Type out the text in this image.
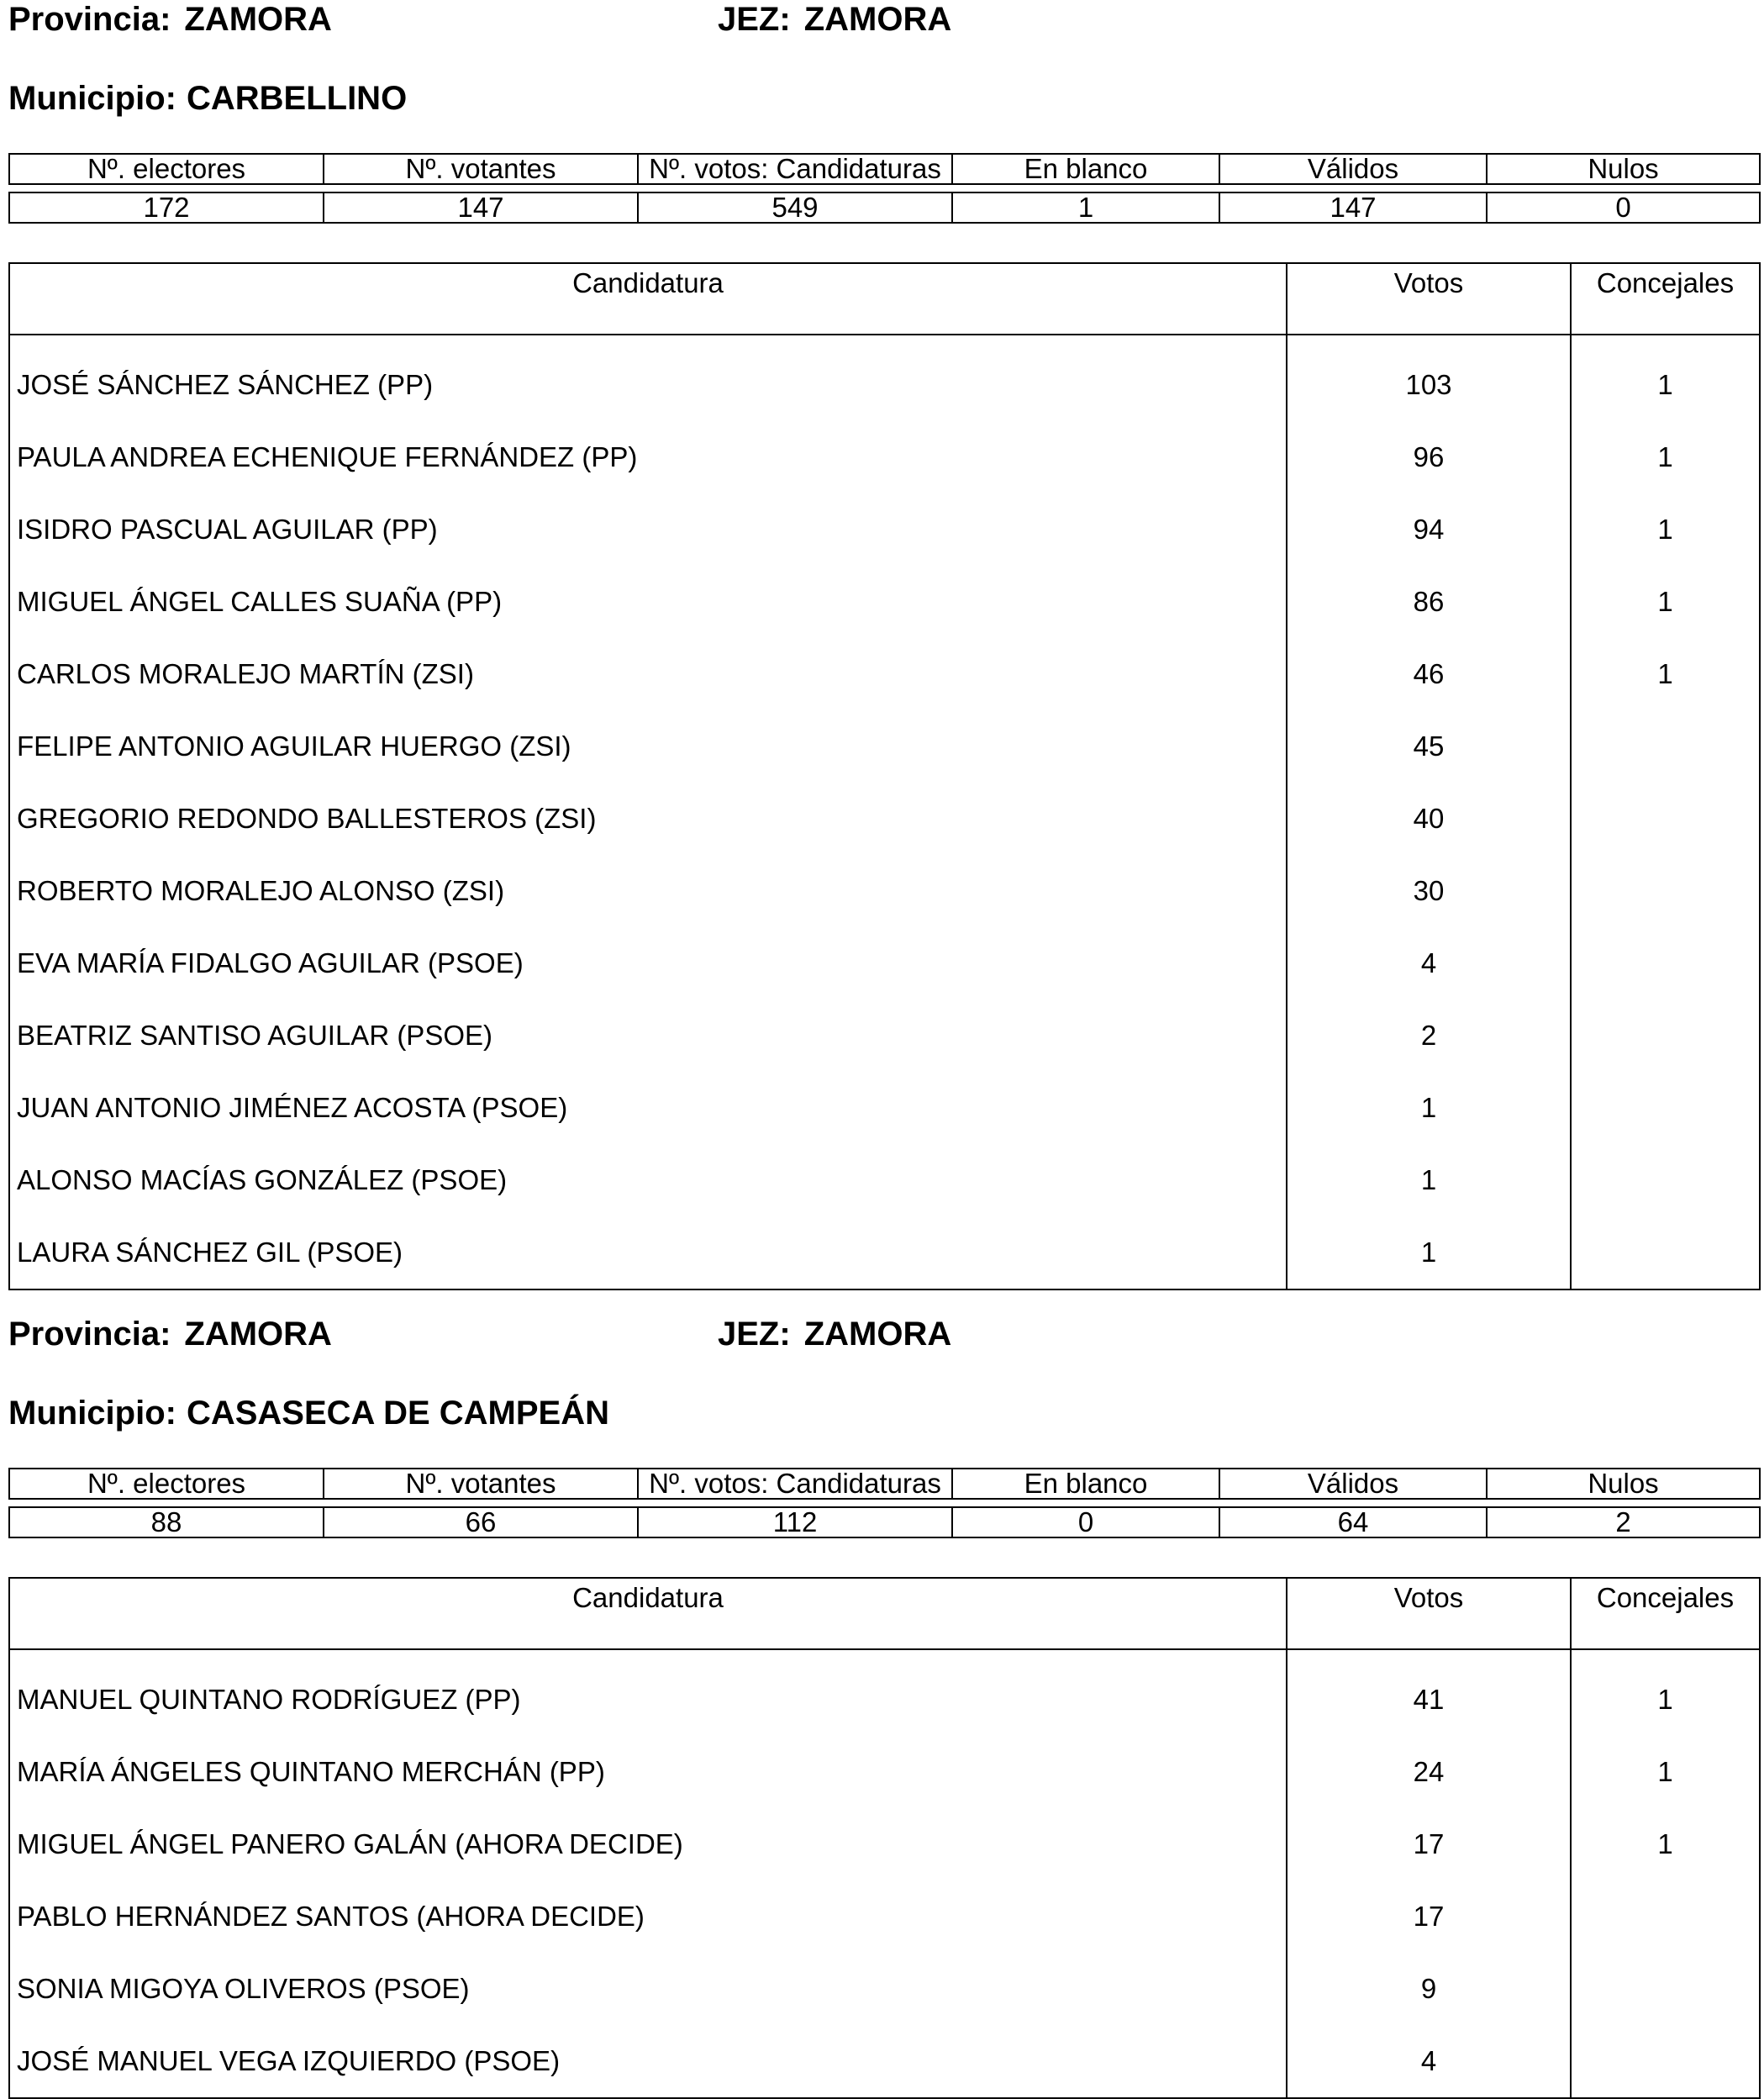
Provincia: ZAMORA	JEZ: ZAMORA
Municipio: CARBELLINO
Nº. electores	Nº. votantes	Nº. votos: Candidaturas	En blanco	Válidos	Nulos

172	147	549	1	147	0
Candidatura	Votos	Concejales

JOSÉ SÁNCHEZ SÁNCHEZ (PP)	103	1
PAULA ANDREA ECHENIQUE FERNÁNDEZ (PP)	96	1
ISIDRO PASCUAL AGUILAR (PP)	94	1
MIGUEL ÁNGEL CALLES SUAÑA (PP)	86	1
CARLOS MORALEJO MARTÍN (ZSI)	46	1
FELIPE ANTONIO AGUILAR HUERGO (ZSI)	45	
GREGORIO REDONDO BALLESTEROS (ZSI)	40	
ROBERTO MORALEJO ALONSO (ZSI)	30	
EVA MARÍA FIDALGO AGUILAR (PSOE)	4	
BEATRIZ SANTISO AGUILAR (PSOE)	2	
JUAN ANTONIO JIMÉNEZ ACOSTA (PSOE)	1	
ALONSO MACÍAS GONZÁLEZ (PSOE)	1	
LAURA SÁNCHEZ GIL (PSOE)	1	
Provincia: ZAMORA	JEZ: ZAMORA
Municipio: CASASECA DE CAMPEÁN
Nº. electores	Nº. votantes	Nº. votos: Candidaturas	En blanco	Válidos	Nulos

88	66	112	0	64	2
Candidatura	Votos	Concejales

MANUEL QUINTANO RODRÍGUEZ (PP)	41	1
MARÍA ÁNGELES QUINTANO MERCHÁN (PP)	24	1
MIGUEL ÁNGEL PANERO GALÁN (AHORA DECIDE)	17	1
PABLO HERNÁNDEZ SANTOS (AHORA DECIDE)	17	
SONIA MIGOYA OLIVEROS (PSOE)	9	
JOSÉ MANUEL VEGA IZQUIERDO (PSOE)	4	
